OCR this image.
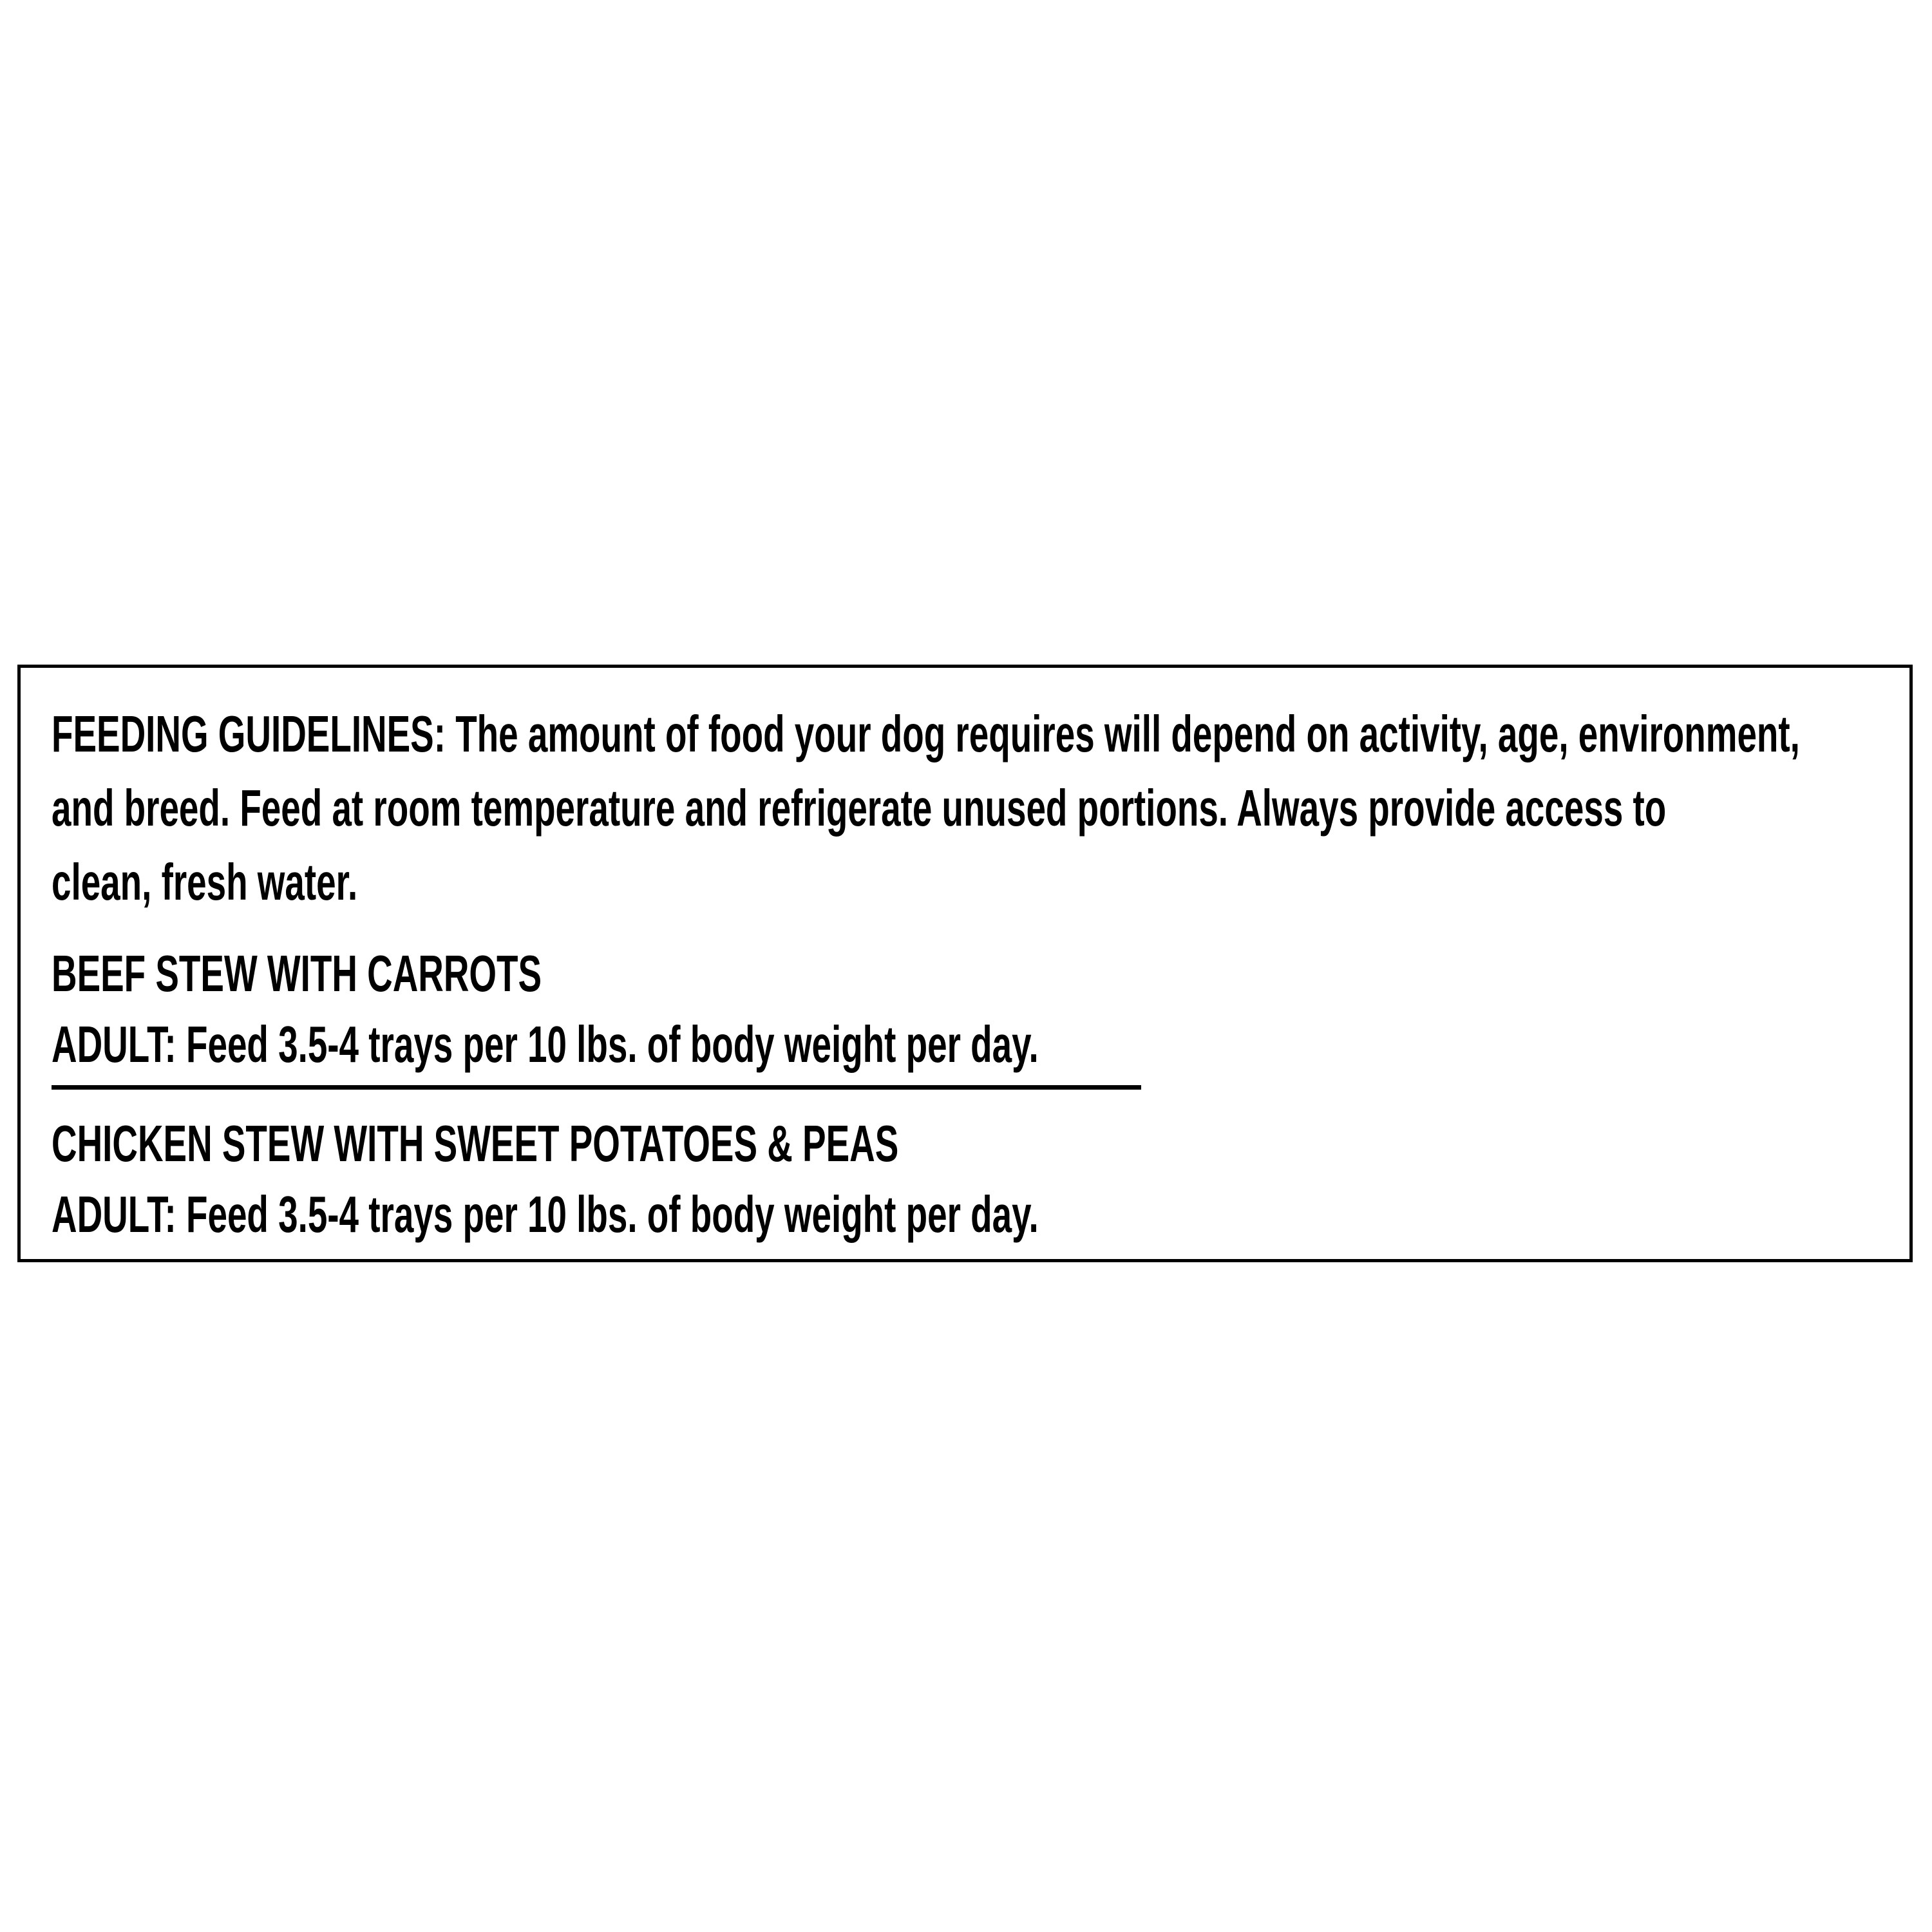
FEEDING GUIDELINES: The amount of food your dog requires will depend on activity, age, environment,
and breed. Feed at room temperature and refrigerate unused portions. Always provide access to
clean, fresh water.
BEEF STEW WITH CARROTS
ADULT: Feed 3.5-4 trays per 10 lbs. of body weight per day.
CHICKEN STEW WITH SWEET POTATOES & PEAS
ADULT: Feed 3.5-4 trays per 10 lbs. of body weight per day.
